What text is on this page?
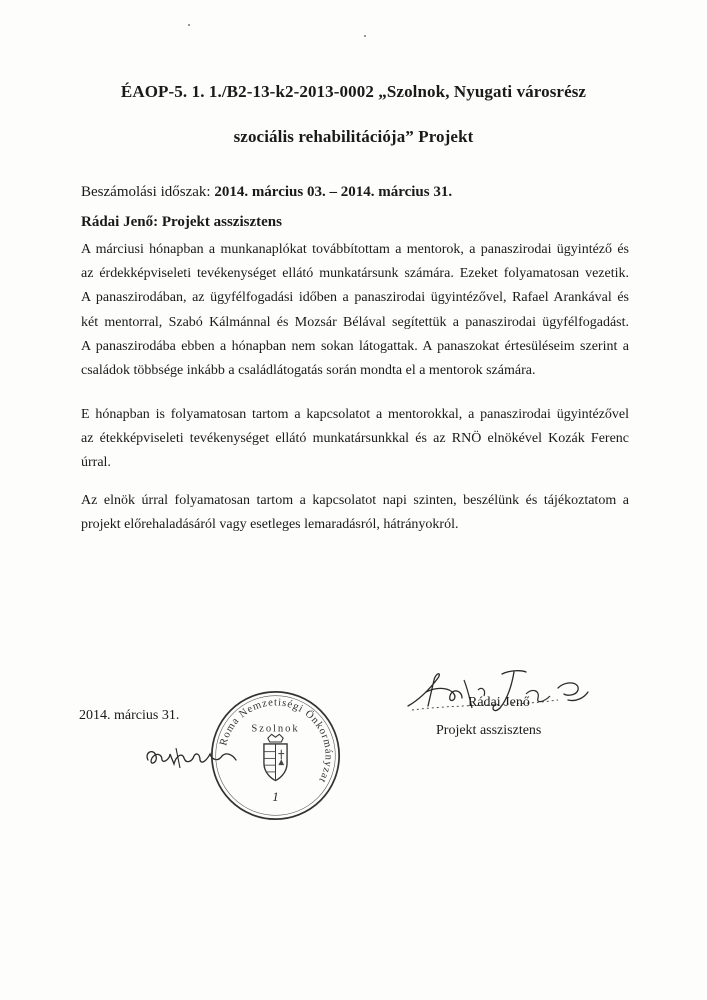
ÉAOP-5. 1. 1./B2-13-k2-2013-0002 „Szolnok, Nyugati városrész
szociális rehabilitációja” Projekt
Beszámolási időszak: 2014. március 03. – 2014. március 31.
Rádai Jenő: Projekt asszisztens
A márciusi hónapban a munkanaplókat továbbítottam a mentorok, a panaszirodai ügyintéző és
az érdekképviseleti tevékenységet ellátó munkatársunk számára. Ezeket folyamatosan vezetik.
A panaszirodában, az ügyfélfogadási időben a panaszirodai ügyintézővel, Rafael Arankával és
két mentorral, Szabó Kálmánnal és Mozsár Bélával segítettük a panaszirodai ügyfélfogadást.
A panaszirodába ebben a hónapban nem sokan látogattak. A panaszokat értesüléseim szerint a
családok többsége inkább a családlátogatás során mondta el a mentorok számára.
E hónapban is folyamatosan tartom a kapcsolatot a mentorokkal, a panaszirodai ügyintézővel
az étekképviseleti tevékenységet ellátó munkatársunkkal és az RNÖ elnökével Kozák Ferenc
úrral.
Az elnök úrral folyamatosan tartom a kapcsolatot napi szinten, beszélünk és tájékoztatom a
projekt előrehaladásáról vagy esetleges lemaradásról, hátrányokról.
2014. március 31.
Roma Nemzetiségi Önkormányzat
Szolnok
1
Rádai Jenő
Projekt asszisztens
